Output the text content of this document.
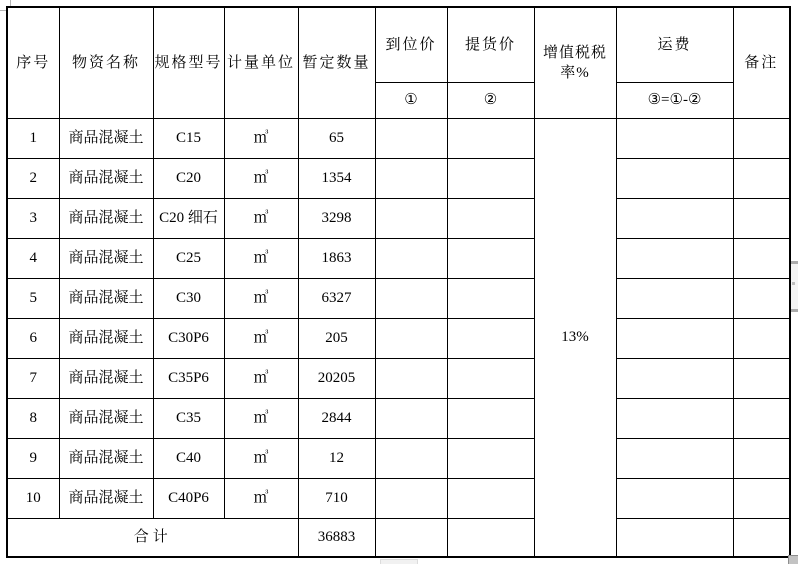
序号	物资名称	规格型号	计量单位	暂定数量	到位价	提货价	增值税税率%	运费	备注
					①	②		③=①-②	
1	商品混凝土	C15	㎥	65			13%		
2	商品混凝土	C20	㎥	1354					
3	商品混凝土	C20 细石	㎥	3298					
4	商品混凝土	C25	㎥	1863					
5	商品混凝土	C30	㎥	6327					
6	商品混凝土	C30P6	㎥	205					
7	商品混凝土	C35P6	㎥	20205					
8	商品混凝土	C35	㎥	2844					
9	商品混凝土	C40	㎥	12					
10	商品混凝土	C40P6	㎥	710					
合计				36883					
